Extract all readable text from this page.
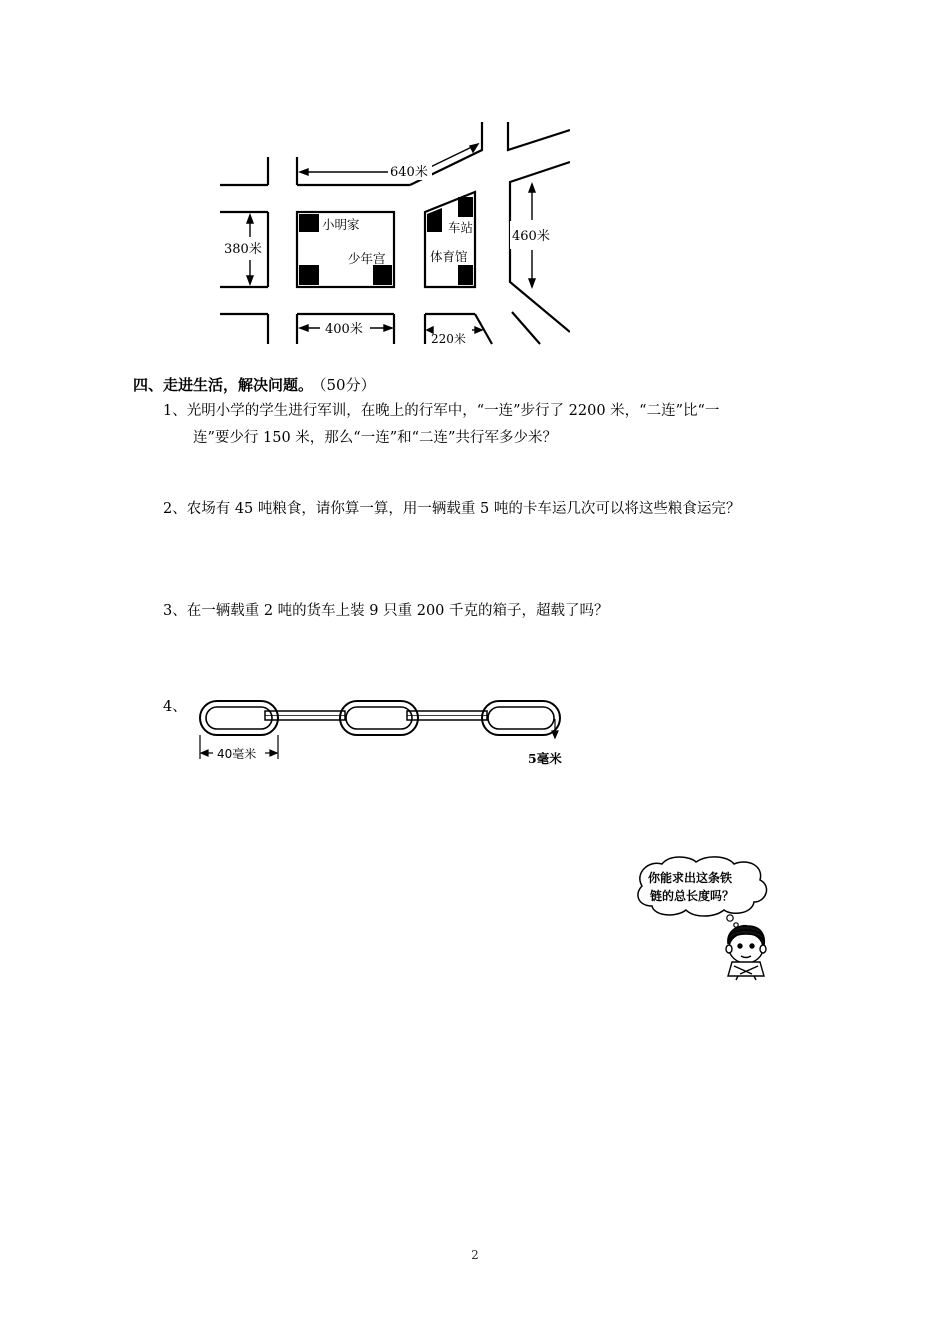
640米
380米
460米
400米
220米
小明家
少年宫
车站
体育馆
四、走进生活，解决问题。 （50分）
1、光明小学的学生进行军训，在晚上的行军中，“一连”步行了 2200 米，“二连”比“一
连”要少行 150 米，那么“一连”和“二连”共行军多少米？
2、农场有 45 吨粮食，请你算一算，用一辆载重 5 吨的卡车运几次可以将这些粮食运完？
3、在一辆载重 2 吨的货车上装 9 只重 200 千克的箱子，超载了吗？
4、
40毫米	5毫米
你能求出这条铁
链的总长度吗？
2
